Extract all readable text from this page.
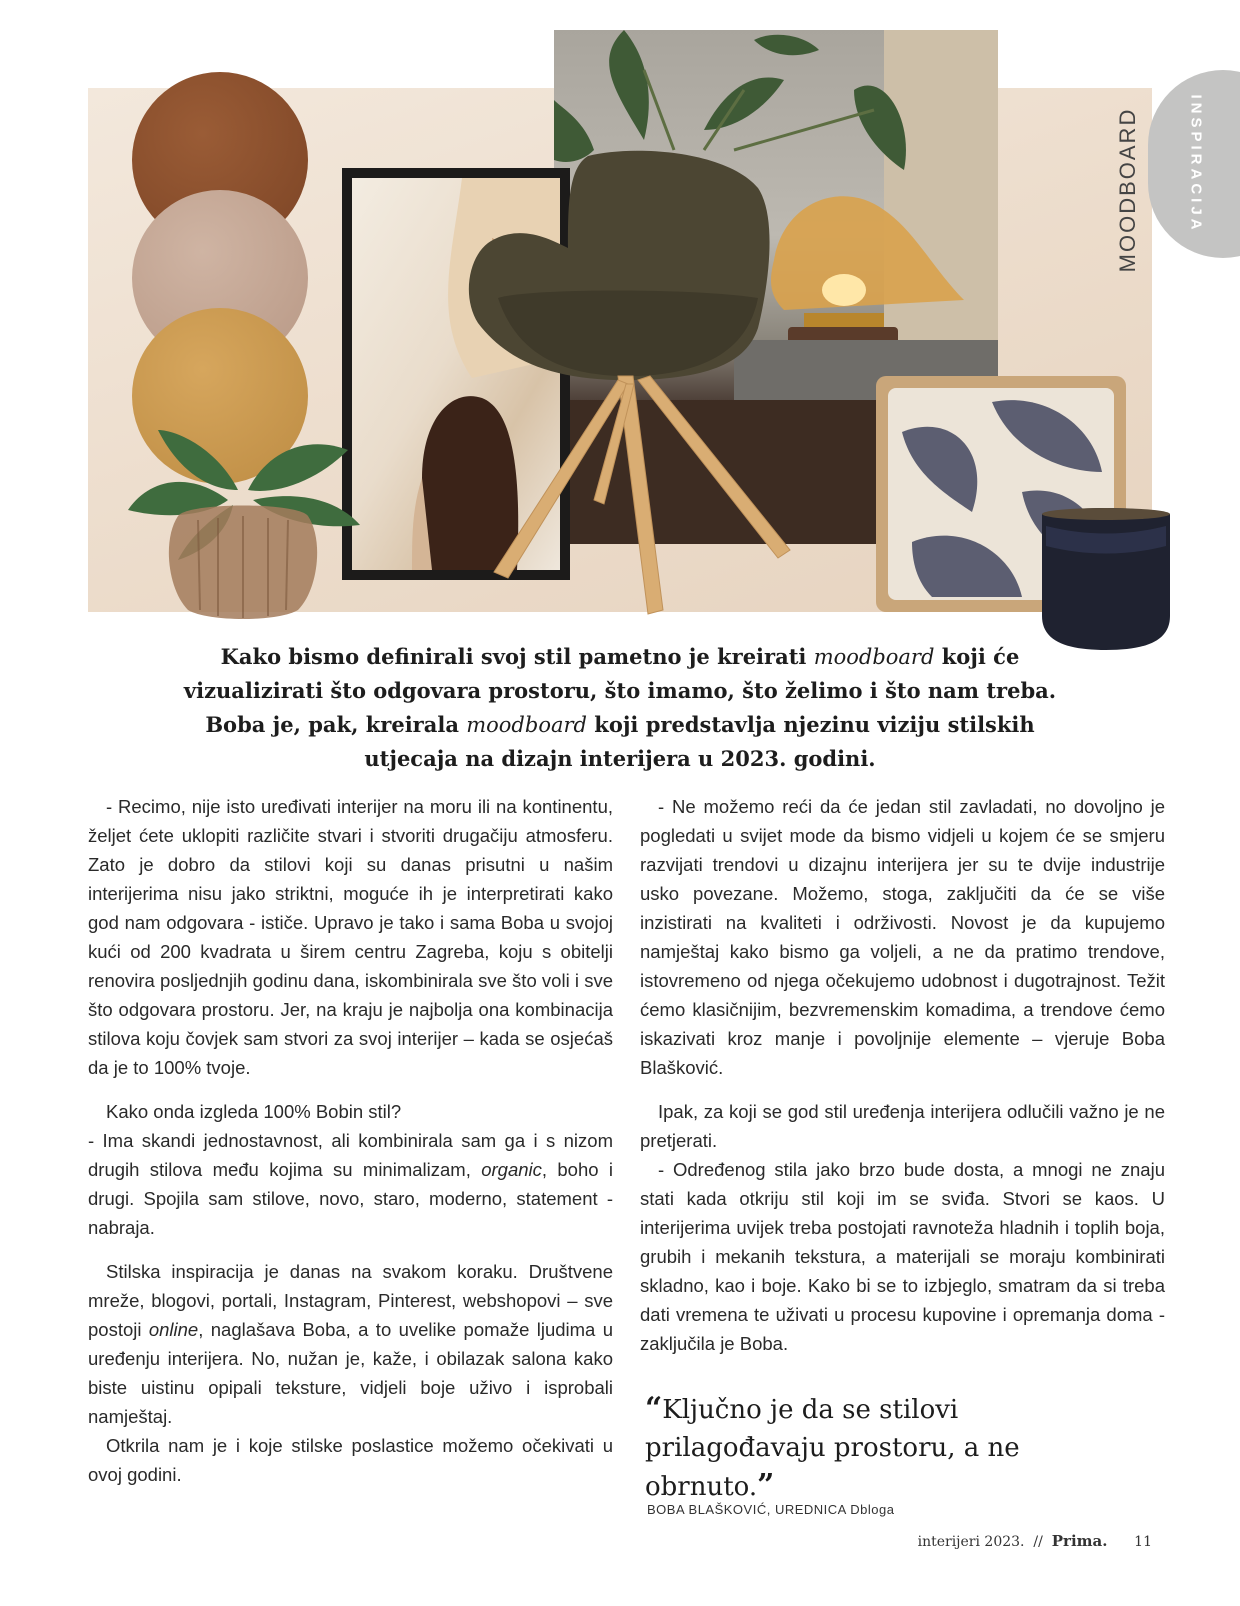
INSPIRACIJA
MOODBOARD
Kako bismo definirali svoj stil pametno je kreirati moodboard koji će vizualizirati što odgovara prostoru, što imamo, što želimo i što nam treba. Boba je, pak, kreirala moodboard koji predstavlja njezinu viziju stilskih utjecaja na dizajn interijera u 2023. godini.

- Recimo, nije isto uređivati interijer na moru ili na kontinentu, željet ćete uklopiti različite stvari i stvoriti drugačiju atmosferu. Zato je dobro da stilovi koji su danas prisutni u našim interijerima nisu jako striktni, moguće ih je interpretirati kako god nam odgovara - ističe. Upravo je tako i sama Boba u svojoj kući od 200 kvadrata u širem centru Zagreba, koju s obitelji renovira posljednjih godinu dana, iskombinirala sve što voli i sve što odgovara prostoru. Jer, na kraju je najbolja ona kombinacija stilova koju čovjek sam stvori za svoj interijer – kada se osjećaš da je to 100% tvoje.

Kako onda izgleda 100% Bobin stil?

- Ima skandi jednostavnost, ali kombinirala sam ga i s nizom drugih stilova među kojima su minimalizam, organic, boho i drugi. Spojila sam stilove, novo, staro, moderno, statement - nabraja.

Stilska inspiracija je danas na svakom koraku. Društvene mreže, blogovi, portali, Instagram, Pinterest, webshopovi – sve postoji online, naglašava Boba, a to uvelike pomaže ljudima u uređenju interijera. No, nužan je, kaže, i obilazak salona kako biste uistinu opipali teksture, vidjeli boje uživo i isprobali namještaj.

Otkrila nam je i koje stilske poslastice možemo očekivati u ovoj godini.

- Ne možemo reći da će jedan stil zavladati, no dovoljno je pogledati u svijet mode da bismo vidjeli u kojem će se smjeru razvijati trendovi u dizajnu interijera jer su te dvije industrije usko povezane. Možemo, stoga, zaključiti da će se više inzistirati na kvaliteti i održivosti. Novost je da kupujemo namještaj kako bismo ga voljeli, a ne da pratimo trendove, istovremeno od njega očekujemo udobnost i dugotrajnost. Težit ćemo klasičnijim, bezvremenskim komadima, a trendove ćemo iskazivati kroz manje i povoljnije elemente – vjeruje Boba Blašković.

Ipak, za koji se god stil uređenja interijera odlučili važno je ne pretjerati.

- Određenog stila jako brzo bude dosta, a mnogi ne znaju stati kada otkriju stil koji im se sviđa. Stvori se kaos. U interijerima uvijek treba postojati ravnoteža hladnih i toplih boja, grubih i mekanih tekstura, a materijali se moraju kombinirati skladno, kao i boje. Kako bi se to izbjeglo, smatram da si treba dati vremena te uživati u procesu kupovine i opremanja doma - zaključila je Boba.

“Ključno je da se stilovi prilagođavaju prostoru, a ne obrnuto.”
BOBA BLAŠKOVIĆ, UREDNICA Dbloga
interijeri 2023. // Prima. 11
